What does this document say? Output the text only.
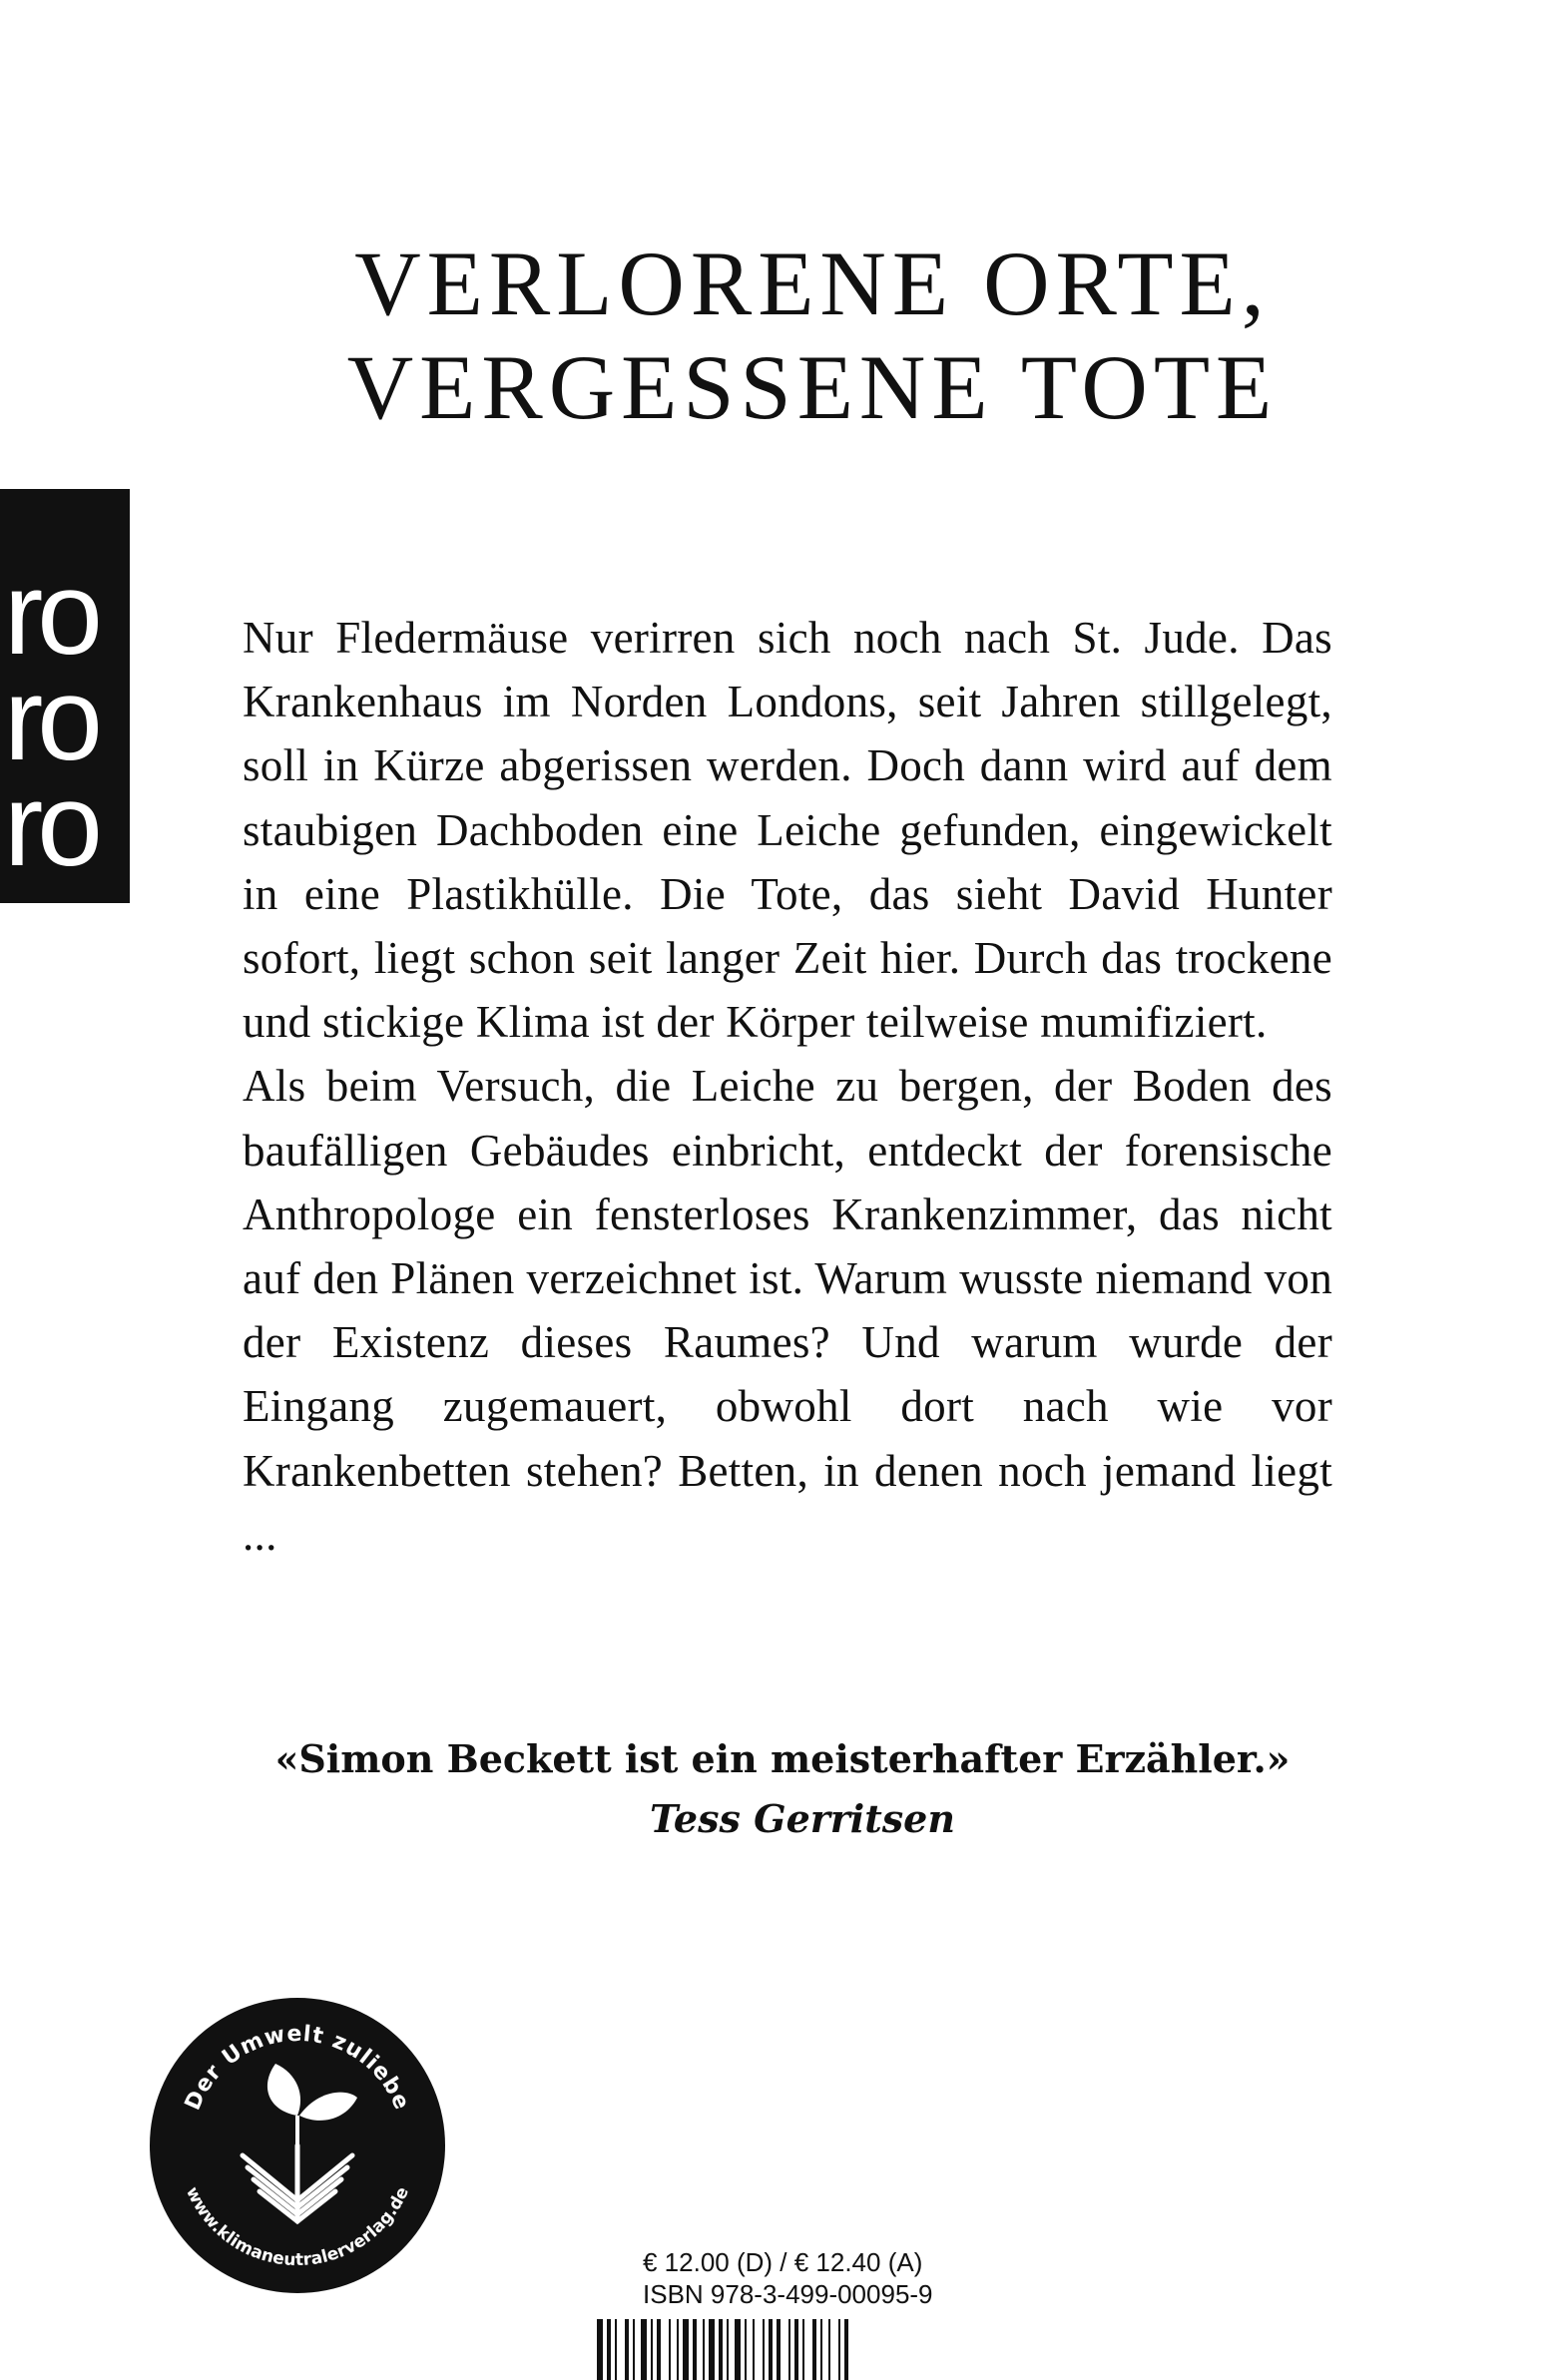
VERLORENE ORTE,
VERGESSENE TOTE
ro
ro
ro

Nur Fledermäuse verirren sich noch nach St. Jude. Das Krankenhaus im Norden Londons, seit Jahren stillgelegt, soll in Kürze abgerissen werden. Doch dann wird auf dem staubigen Dachboden eine Leiche gefunden, eingewickelt in eine Plastikhülle. Die Tote, das sieht David Hunter sofort, liegt schon seit langer Zeit hier. Durch das trockene und stickige Klima ist der Körper teilweise mumifiziert.

Als beim Versuch, die Leiche zu bergen, der Boden des baufälligen Gebäudes einbricht, entdeckt der forensische Anthropologe ein fensterloses Krankenzimmer, das nicht auf den Plänen verzeichnet ist. Warum wusste niemand von der Existenz dieses Raumes? Und warum wurde der Eingang zugemauert, obwohl dort nach wie vor Krankenbetten stehen? Betten, in denen noch jemand liegt ...

«Simon Beckett ist ein meisterhafter Erzähler.»
Tess Gerritsen
Der Umwelt zuliebe
www.klimaneutralerverlag.de
€ 12.00 (D) / € 12.40 (A)
ISBN 978-3-499-00095-9
